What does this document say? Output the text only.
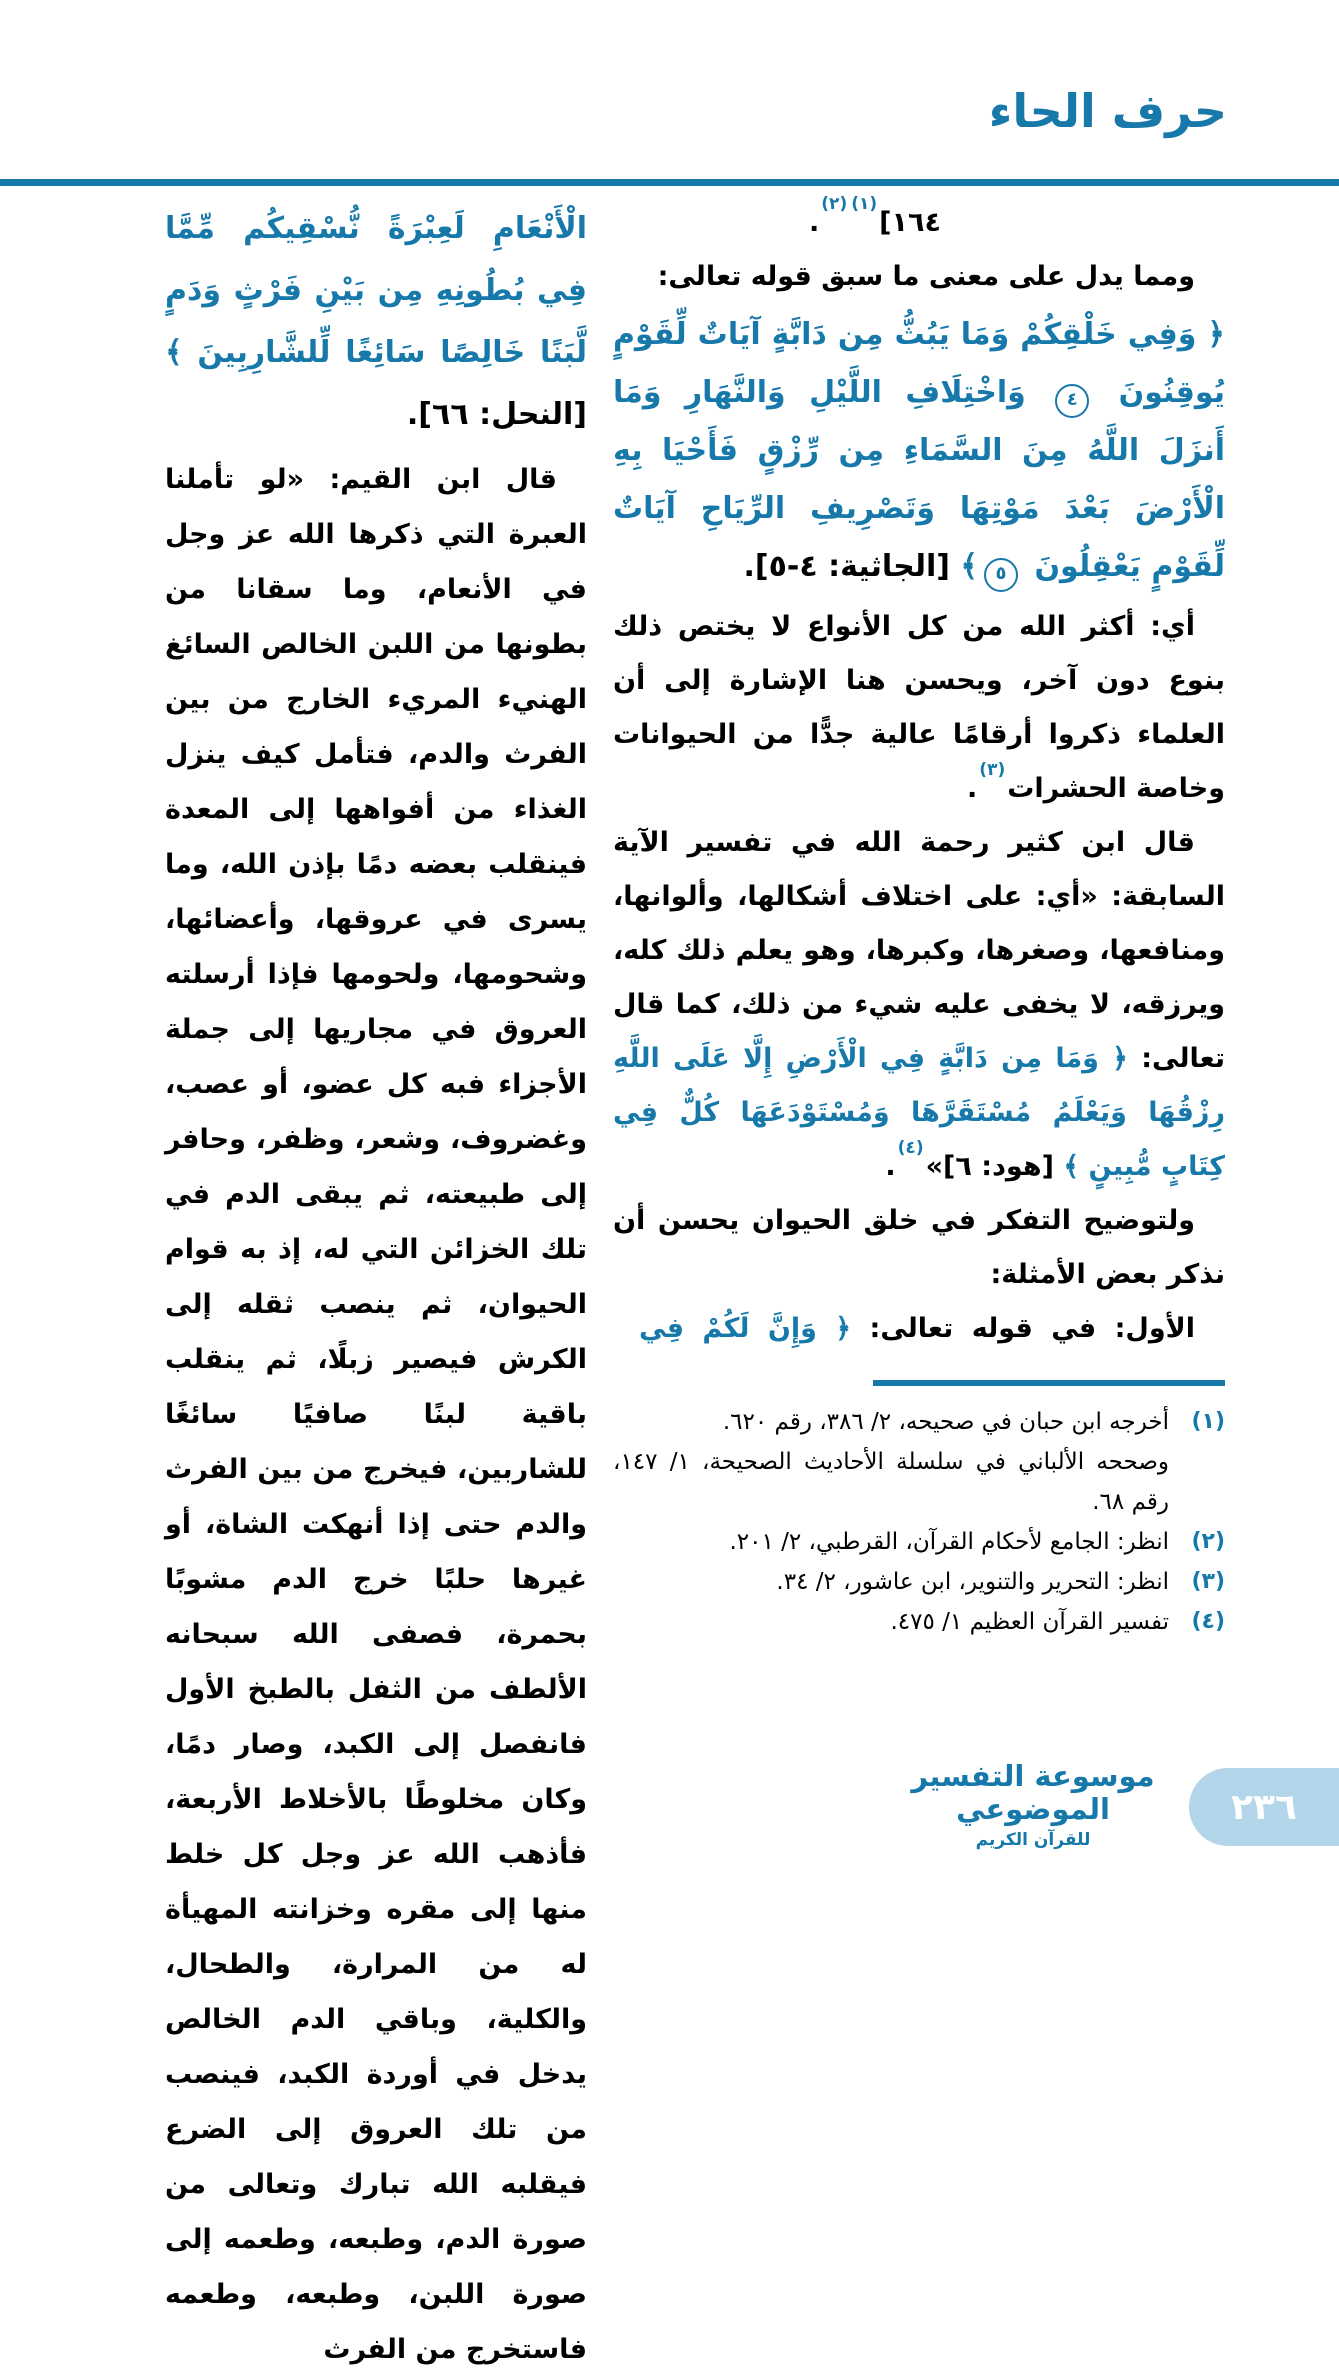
حرف الحاء

١٦٤]$^{(١)(٢)}$.

ومما يدل على معنى ما سبق قوله تعالى:

﴿ وَفِي خَلْقِكُمْ وَمَا يَبُثُّ مِن دَابَّةٍ آيَاتٌ لِّقَوْمٍ يُوقِنُونَ ٤ وَاخْتِلَافِ اللَّيْلِ وَالنَّهَارِ وَمَا أَنزَلَ اللَّهُ مِنَ السَّمَاءِ مِن رِّزْقٍ فَأَحْيَا بِهِ الْأَرْضَ بَعْدَ مَوْتِهَا وَتَصْرِيفِ الرِّيَاحِ آيَاتٌ لِّقَوْمٍ يَعْقِلُونَ ٥﴾ [الجاثية: ٤-٥].

أي: أكثر الله من كل الأنواع لا يختص ذلك بنوع دون آخر، ويحسن هنا الإشارة إلى أن العلماء ذكروا أرقامًا عالية جدًّا من الحيوانات وخاصة الحشرات$^{(٣)}$.

قال ابن كثير رحمة الله في تفسير الآية السابقة: «أي: على اختلاف أشكالها، وألوانها، ومنافعها، وصغرها، وكبرها، وهو يعلم ذلك كله، ويرزقه، لا يخفى عليه شيء من ذلك، كما قال تعالى: ﴿ وَمَا مِن دَابَّةٍ فِي الْأَرْضِ إِلَّا عَلَى اللَّهِ رِزْقُهَا وَيَعْلَمُ مُسْتَقَرَّهَا وَمُسْتَوْدَعَهَا كُلٌّ فِي كِتَابٍ مُّبِينٍ ﴾ [هود: ٦]»$^{(٤)}$.

ولتوضيح التفكر في خلق الحيوان يحسن أن نذكر بعض الأمثلة:

الأول: في قوله تعالى: ﴿ وَإِنَّ لَكُمْ فِي

(١)
أخرجه ابن حبان في صحيحه، ٢/ ٣٨٦، رقم ٦٢٠.

وصححه الألباني في سلسلة الأحاديث الصحيحة، ١/ ١٤٧، رقم ٦٨.

(٢)
انظر: الجامع لأحكام القرآن، القرطبي، ٢/ ٢٠١.

(٣)
انظر: التحرير والتنوير، ابن عاشور، ٢/ ٣٤.

(٤)
تفسير القرآن العظيم ١/ ٤٧٥.

الْأَنْعَامِ لَعِبْرَةً نُّسْقِيكُم مِّمَّا فِي بُطُونِهِ مِن بَيْنِ فَرْثٍ وَدَمٍ لَّبَنًا خَالِصًا سَائِغًا لِّلشَّارِبِينَ ﴾ [النحل: ٦٦].

قال ابن القيم: «لو تأملنا العبرة التي ذكرها الله عز وجل في الأنعام، وما سقانا من بطونها من اللبن الخالص السائغ الهنيء المريء الخارج من بين الفرث والدم، فتأمل كيف ينزل الغذاء من أفواهها إلى المعدة فينقلب بعضه دمًا بإذن الله، وما يسرى في عروقها، وأعضائها، وشحومها، ولحومها فإذا أرسلته العروق في مجاريها إلى جملة الأجزاء فبه كل عضو، أو عصب، وغضروف، وشعر، وظفر، وحافر إلى طبيعته، ثم يبقى الدم في تلك الخزائن التي له، إذ به قوام الحيوان، ثم ينصب ثقله إلى الكرش فيصير زبلًا، ثم ينقلب باقية لبنًا صافيًا سائغًا للشاربين، فيخرج من بين الفرث والدم حتى إذا أنهكت الشاة، أو غيرها حلبًا خرج الدم مشوبًا بحمرة، فصفى الله سبحانه الألطف من الثفل بالطبخ الأول فانفصل إلى الكبد، وصار دمًا، وكان مخلوطًا بالأخلاط الأربعة، فأذهب الله عز وجل كل خلط منها إلى مقره وخزانته المهيأة له من المرارة، والطحال، والكلية، وباقي الدم الخالص يدخل في أوردة الكبد، فينصب من تلك العروق إلى الضرع فيقلبه الله تبارك وتعالى من صورة الدم، وطبعه، وطعمه إلى صورة اللبن، وطبعه، وطعمه فاستخرج من الفرث

موسوعة التفسير الموضوعي
للقرآن الكريم
٢٣٦
